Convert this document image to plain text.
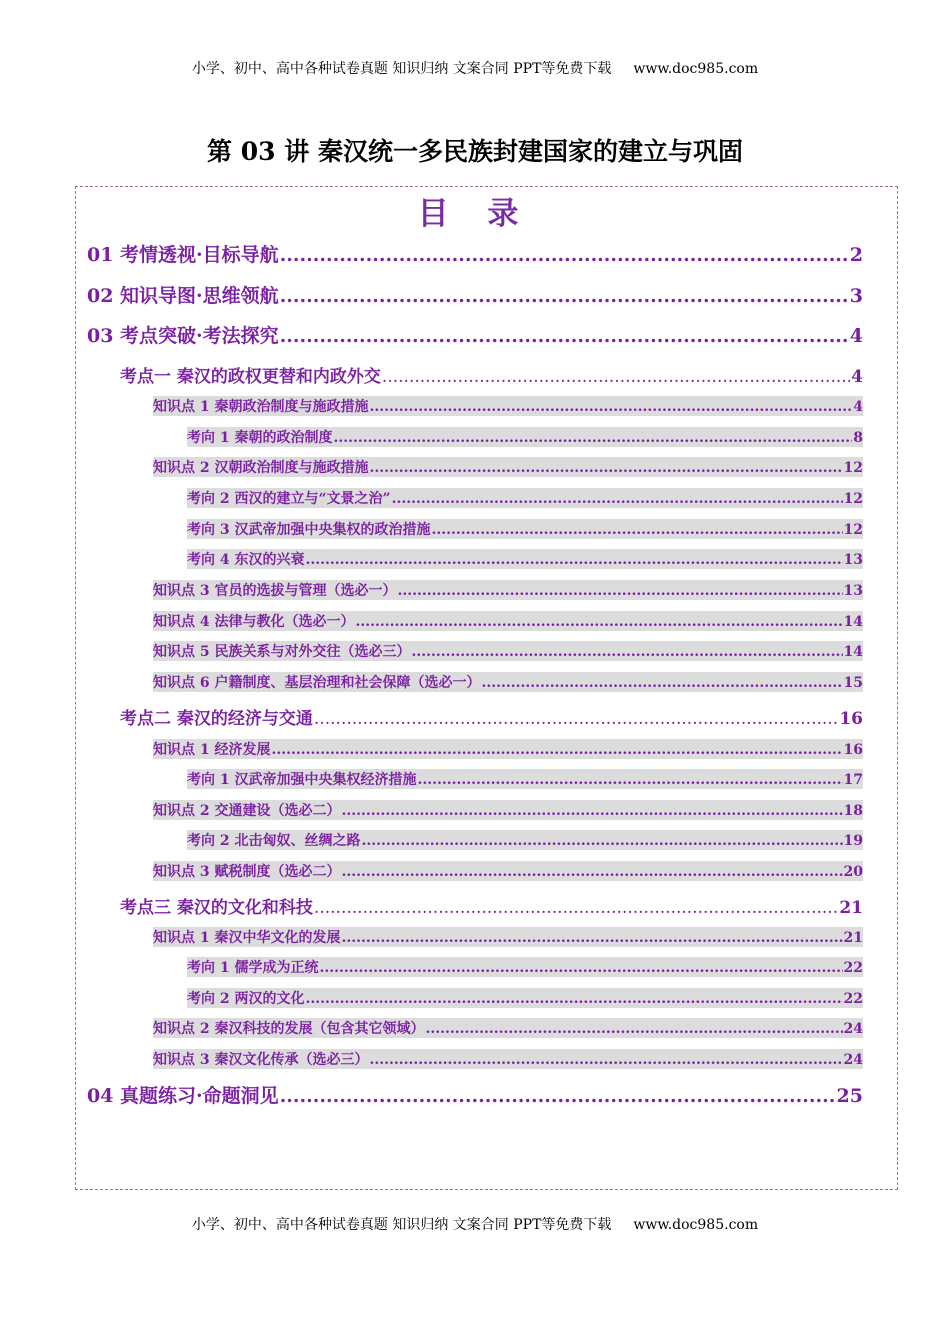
小学、初中、高中各种试卷真题 知识归纳 文案合同 PPT等免费下载 www.doc985.com
第 03 讲 秦汉统一多民族封建国家的建立与巩固
目 录
01 考情透视·目标导航 .....	2
02 知识导图·思维领航 .....	3
03 考点突破·考法探究 .....	4
考点一 秦汉的政权更替和内政外交 .....	4
知识点 1 秦朝政治制度与施政措施 .....	4
考向 1 秦朝的政治制度 .....	8
知识点 2 汉朝政治制度与施政措施 .....	12
考向 2 西汉的建立与“文景之治” .....	12
考向 3 汉武帝加强中央集权的政治措施 .....	12
考向 4 东汉的兴衰 .....	13
知识点 3 官员的选拔与管理（选必一） .....	13
知识点 4 法律与教化（选必一） .....	14
知识点 5 民族关系与对外交往（选必三） .....	14
知识点 6 户籍制度、基层治理和社会保障（选必一） .....	15
考点二 秦汉的经济与交通 .....	16
知识点 1 经济发展 .....	16
考向 1 汉武帝加强中央集权经济措施 .....	17
知识点 2 交通建设（选必二） .....	18
考向 2 北击匈奴、丝绸之路 .....	19
知识点 3 赋税制度（选必二） .....	20
考点三 秦汉的文化和科技 .....	21
知识点 1 秦汉中华文化的发展 .....	21
考向 1 儒学成为正统 .....	22
考向 2 两汉的文化 .....	22
知识点 2 秦汉科技的发展（包含其它领域） .....	24
知识点 3 秦汉文化传承（选必三） .....	24
04 真题练习·命题洞见 .....	25
小学、初中、高中各种试卷真题 知识归纳 文案合同 PPT等免费下载 www.doc985.com
